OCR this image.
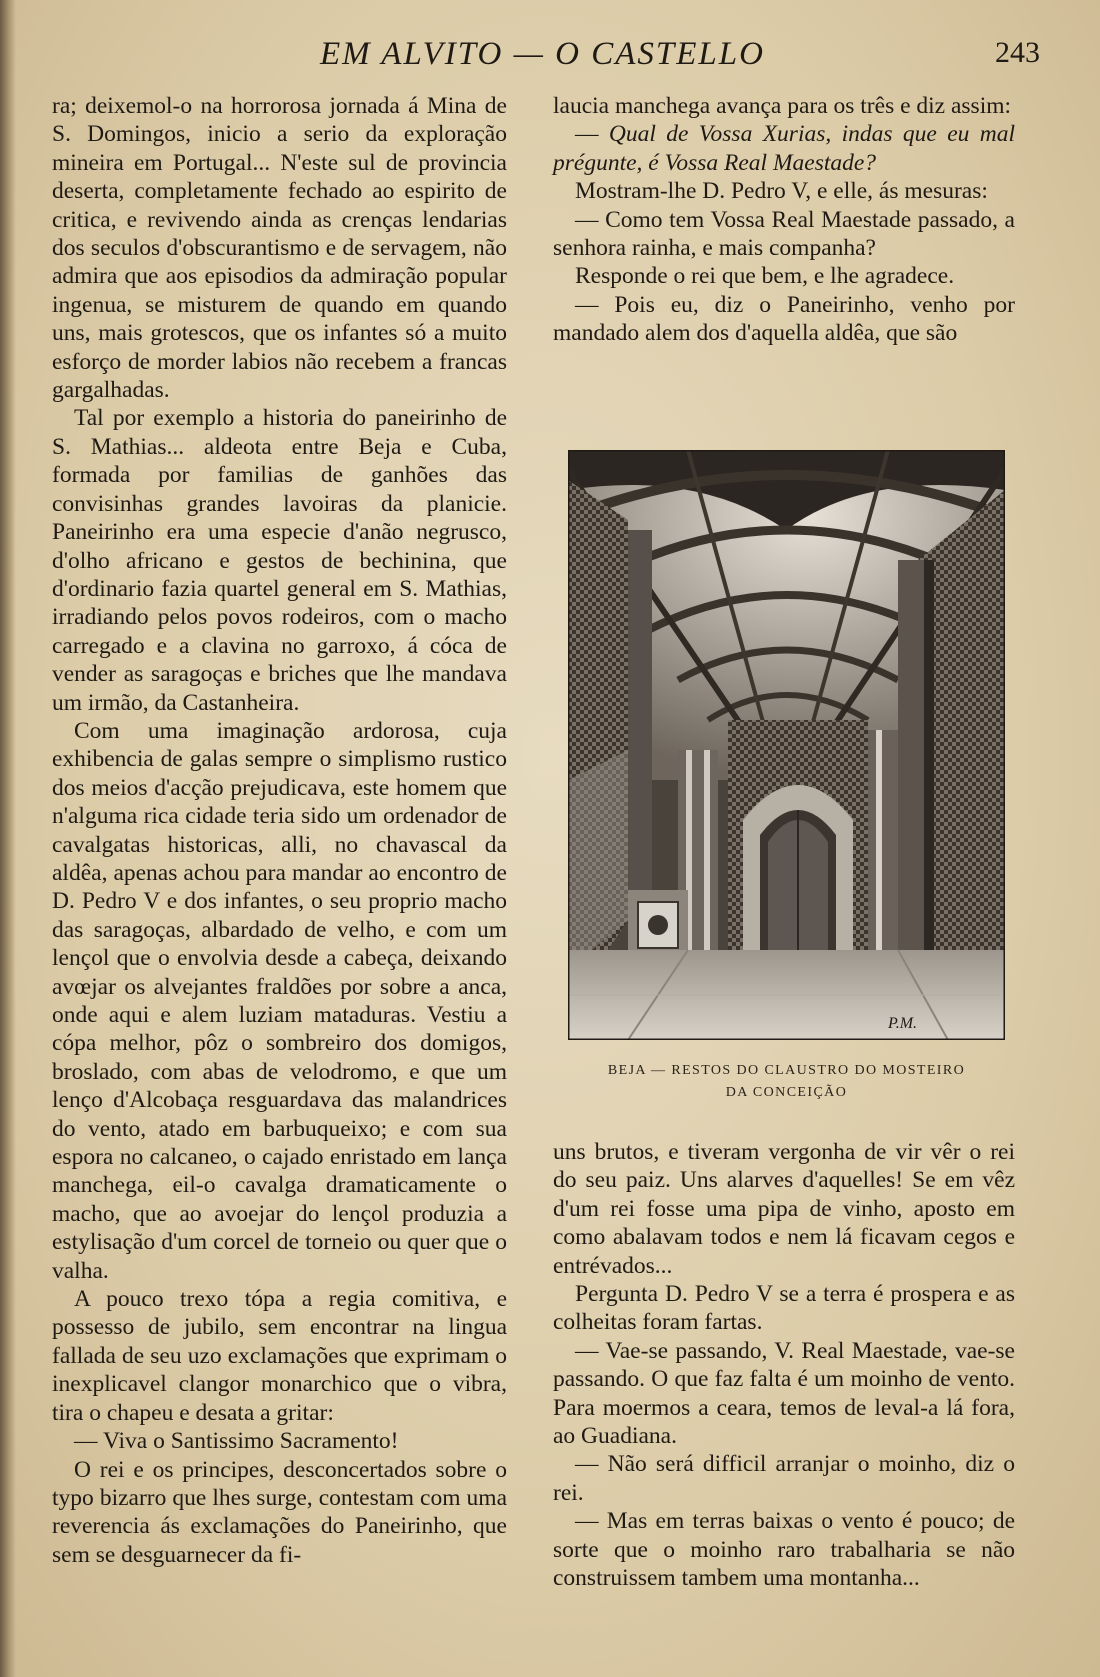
EM ALVITO — O CASTELLO	243

ra; deixemol-o na horrorosa jornada á Mina de S. Domingos, inicio a serio da exploração mineira em Portugal... N'este sul de provincia deserta, completamente fechado ao espirito de critica, e revivendo ainda as crenças lendarias dos seculos d'obscurantismo e de servagem, não admira que aos episodios da admiração popular ingenua, se misturem de quando em quando uns, mais grotescos, que os infantes só a muito esforço de morder labios não recebem a francas gargalhadas.

Tal por exemplo a historia do paneirinho de S. Mathias... aldeota entre Beja e Cuba, formada por familias de ganhões das convisinhas grandes lavoiras da planicie. Paneirinho era uma especie d'anão negrusco, d'olho africano e gestos de bechinina, que d'ordinario fazia quartel general em S. Mathias, irradiando pelos povos rodeiros, com o macho carregado e a clavina no garroxo, á cóca de vender as saragoças e briches que lhe mandava um irmão, da Castanheira.

Com uma imaginação ardorosa, cuja exhibencia de galas sempre o simplismo rustico dos meios d'acção prejudicava, este homem que n'alguma rica cidade teria sido um ordenador de cavalgatas historicas, alli, no chavascal da aldêa, apenas achou para mandar ao encontro de D. Pedro V e dos infantes, o seu proprio macho das saragoças, albardado de velho, e com um lençol que o envolvia desde a cabeça, deixando avœjar os alvejantes fraldões por sobre a anca, onde aqui e alem luziam mataduras. Vestiu a cópa melhor, pôz o sombreiro dos domigos, broslado, com abas de velodromo, e que um lenço d'Alcobaça resguardava das malandrices do vento, atado em barbuqueixo; e com sua espora no calcaneo, o cajado enristado em lança manchega, eil-o cavalga dramaticamente o macho, que ao avoejar do lençol produzia a estylisação d'um corcel de torneio ou quer que o valha.

A pouco trexo tópa a regia comitiva, e possesso de jubilo, sem encontrar na lingua fallada de seu uzo exclamações que exprimam o inexplicavel clangor monarchico que o vibra, tira o chapeu e desata a gritar:

— Viva o Santissimo Sacramento!

O rei e os principes, desconcertados sobre o typo bizarro que lhes surge, contestam com uma reverencia ás exclamações do Paneirinho, que sem se desguarnecer da fi-

laucia manchega avança para os três e diz assim:

— Qual de Vossa Xurias, indas que eu mal prégunte, é Vossa Real Maestade?

Mostram-lhe D. Pedro V, e elle, ás mesuras:

— Como tem Vossa Real Maestade passado, a senhora rainha, e mais companha?

Responde o rei que bem, e lhe agradece.

— Pois eu, diz o Paneirinho, venho por mandado alem dos d'aquella aldêa, que são

P.M.
BEJA — RESTOS DO CLAUSTRO DO MOSTEIRO
DA CONCEIÇÃO

uns brutos, e tiveram vergonha de vir vêr o rei do seu paiz. Uns alarves d'aquelles! Se em vêz d'um rei fosse uma pipa de vinho, aposto em como abalavam todos e nem lá ficavam cegos e entrévados...

Pergunta D. Pedro V se a terra é prospera e as colheitas foram fartas.

— Vae-se passando, V. Real Maestade, vae-se passando. O que faz falta é um moinho de vento. Para moermos a ceara, temos de leval-a lá fora, ao Guadiana.

— Não será difficil arranjar o moinho, diz o rei.

— Mas em terras baixas o vento é pouco; de sorte que o moinho raro trabalharia se não construissem tambem uma montanha...
